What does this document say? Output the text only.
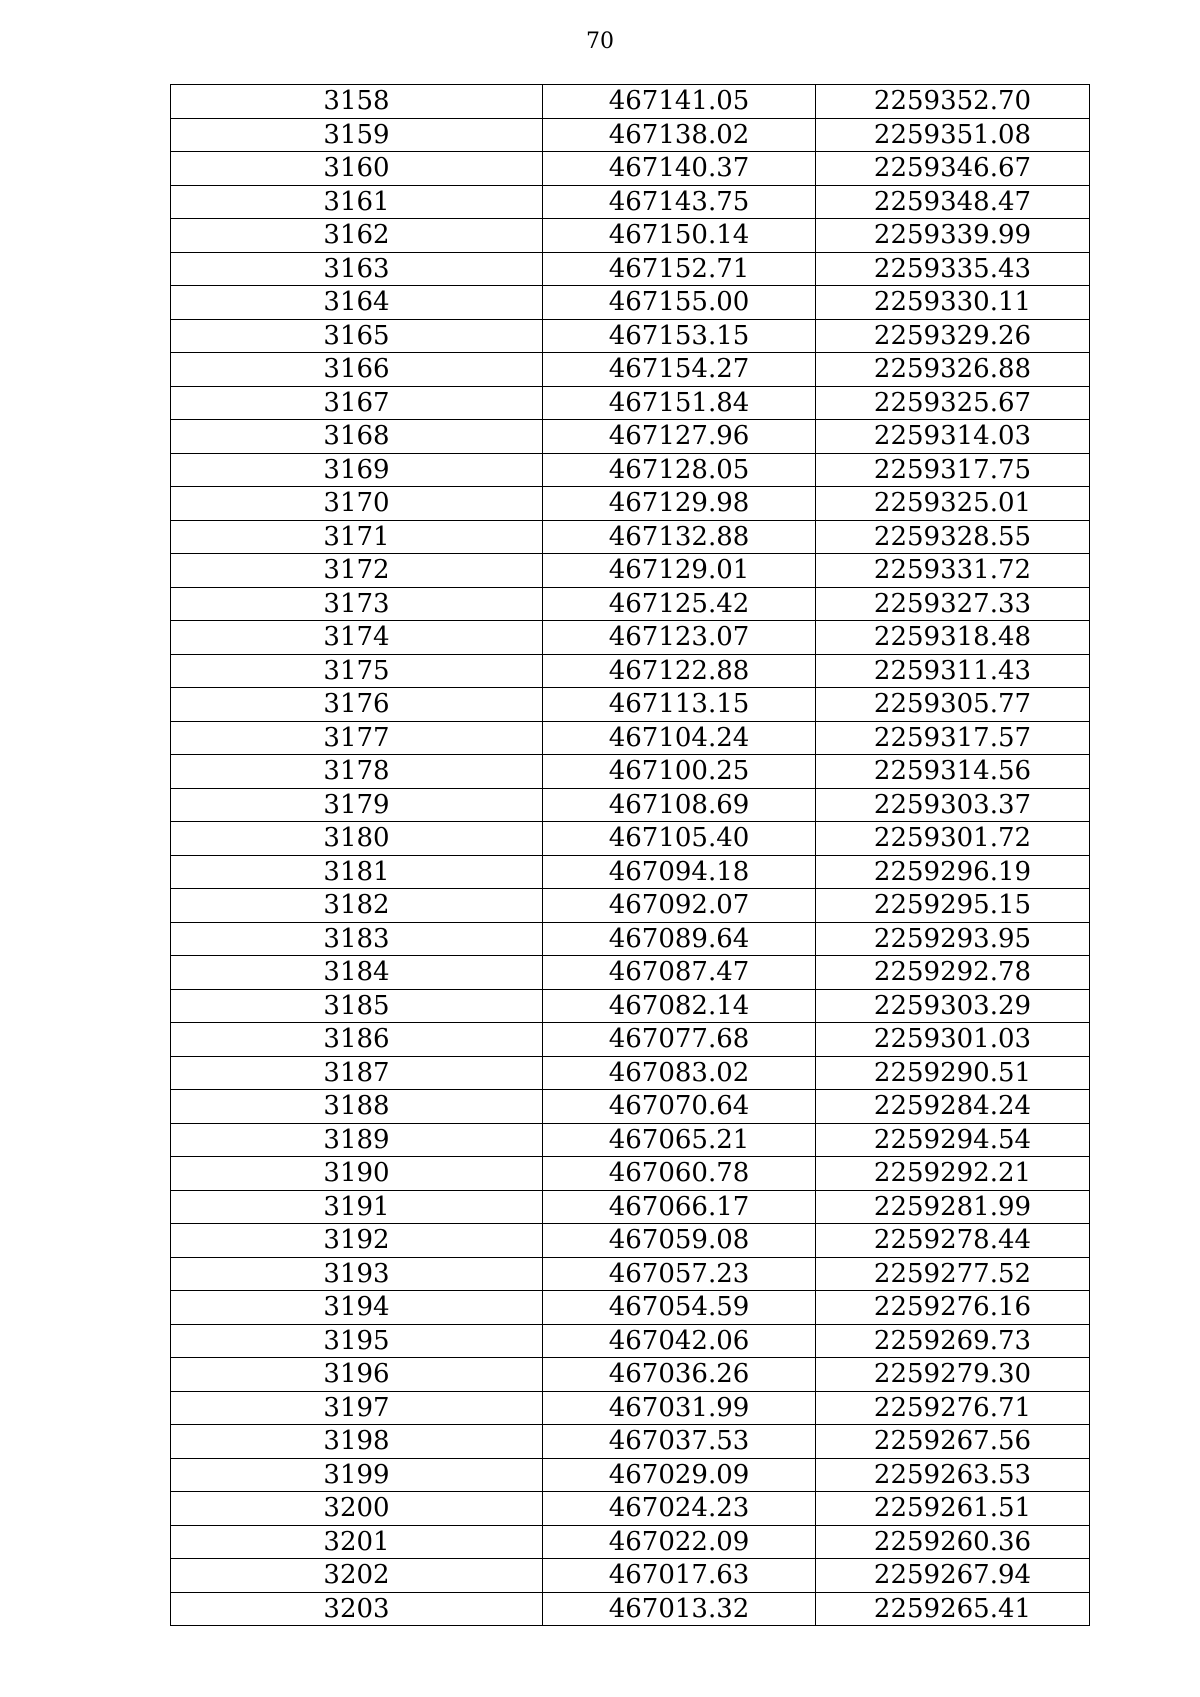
70
3158	467141.05	2259352.70
3159	467138.02	2259351.08
3160	467140.37	2259346.67
3161	467143.75	2259348.47
3162	467150.14	2259339.99
3163	467152.71	2259335.43
3164	467155.00	2259330.11
3165	467153.15	2259329.26
3166	467154.27	2259326.88
3167	467151.84	2259325.67
3168	467127.96	2259314.03
3169	467128.05	2259317.75
3170	467129.98	2259325.01
3171	467132.88	2259328.55
3172	467129.01	2259331.72
3173	467125.42	2259327.33
3174	467123.07	2259318.48
3175	467122.88	2259311.43
3176	467113.15	2259305.77
3177	467104.24	2259317.57
3178	467100.25	2259314.56
3179	467108.69	2259303.37
3180	467105.40	2259301.72
3181	467094.18	2259296.19
3182	467092.07	2259295.15
3183	467089.64	2259293.95
3184	467087.47	2259292.78
3185	467082.14	2259303.29
3186	467077.68	2259301.03
3187	467083.02	2259290.51
3188	467070.64	2259284.24
3189	467065.21	2259294.54
3190	467060.78	2259292.21
3191	467066.17	2259281.99
3192	467059.08	2259278.44
3193	467057.23	2259277.52
3194	467054.59	2259276.16
3195	467042.06	2259269.73
3196	467036.26	2259279.30
3197	467031.99	2259276.71
3198	467037.53	2259267.56
3199	467029.09	2259263.53
3200	467024.23	2259261.51
3201	467022.09	2259260.36
3202	467017.63	2259267.94
3203	467013.32	2259265.41
